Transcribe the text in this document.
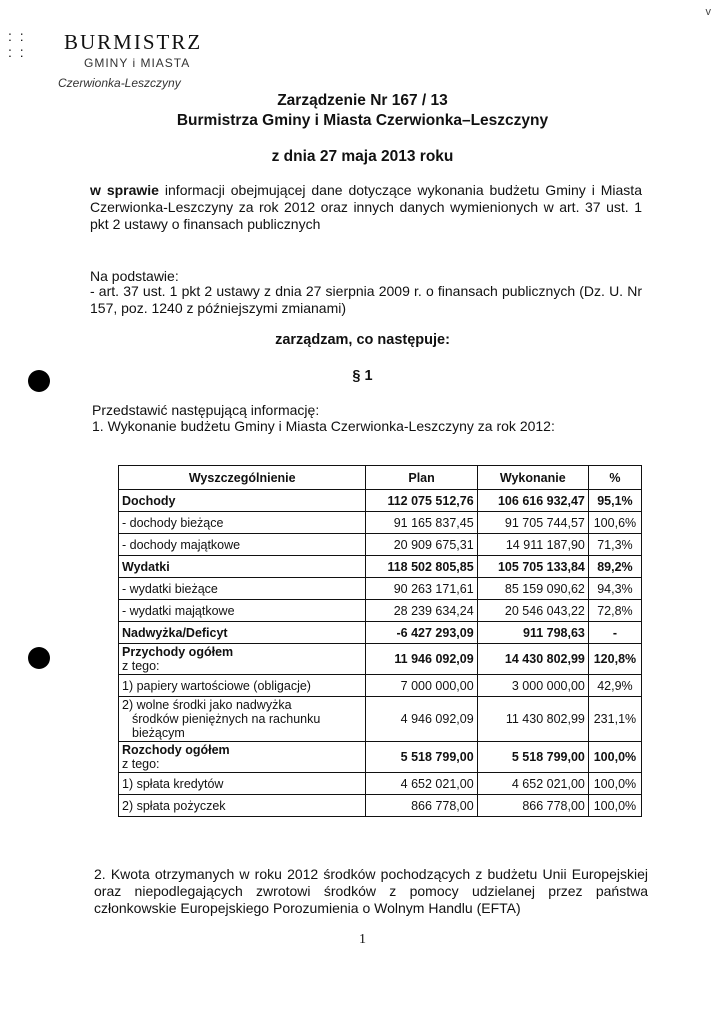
v
: :
: : BURMISTRZ
GMINY i MIASTA
Czerwionka-Leszczyny
Zarządzenie Nr 167 / 13
Burmistrza Gminy i Miasta Czerwionka–Leszczyny
z dnia 27 maja 2013 roku
w sprawie informacji obejmującej dane dotyczące wykonania budżetu Gminy i Miasta Czerwionka-Leszczyny za rok 2012 oraz innych danych wymienionych w art. 37 ust. 1 pkt 2 ustawy o finansach publicznych
Na podstawie:
- art. 37 ust. 1 pkt 2 ustawy z dnia 27 sierpnia 2009 r. o finansach publicznych (Dz. U. Nr 157, poz. 1240 z późniejszymi zmianami)
zarządzam, co następuje:
§ 1
Przedstawić następującą informację:
1. Wykonanie budżetu Gminy i Miasta Czerwionka-Leszczyny za rok 2012:
Wyszczególnienie	Plan	Wykonanie	%
Dochody	112 075 512,76	106 616 932,47	95,1%
- dochody bieżące	91 165 837,45	91 705 744,57	100,6%
- dochody majątkowe	20 909 675,31	14 911 187,90	71,3%
Wydatki	118 502 805,85	105 705 133,84	89,2%
- wydatki bieżące	90 263 171,61	85 159 090,62	94,3%
- wydatki majątkowe	28 239 634,24	20 546 043,22	72,8%
Nadwyżka/Deficyt	-6 427 293,09	911 798,63	-

Przychody ogółem
z tego:	11 946 092,09	14 430 802,99	120,8%
1) papiery wartościowe (obligacje)	7 000 000,00	3 000 000,00	42,9%

2) wolne środki jako nadwyżka
środków pieniężnych na rachunku
bieżącym	4 946 092,09	11 430 802,99	231,1%

Rozchody ogółem
z tego:	5 518 799,00	5 518 799,00	100,0%
1) spłata kredytów	4 652 021,00	4 652 021,00	100,0%
2) spłata pożyczek	866 778,00	866 778,00	100,0%
2. Kwota otrzymanych w roku 2012 środków pochodzących z budżetu Unii Europejskiej oraz niepodlegających zwrotowi środków z pomocy udzielanej przez państwa członkowskie Europejskiego Porozumienia o Wolnym Handlu (EFTA)
1
